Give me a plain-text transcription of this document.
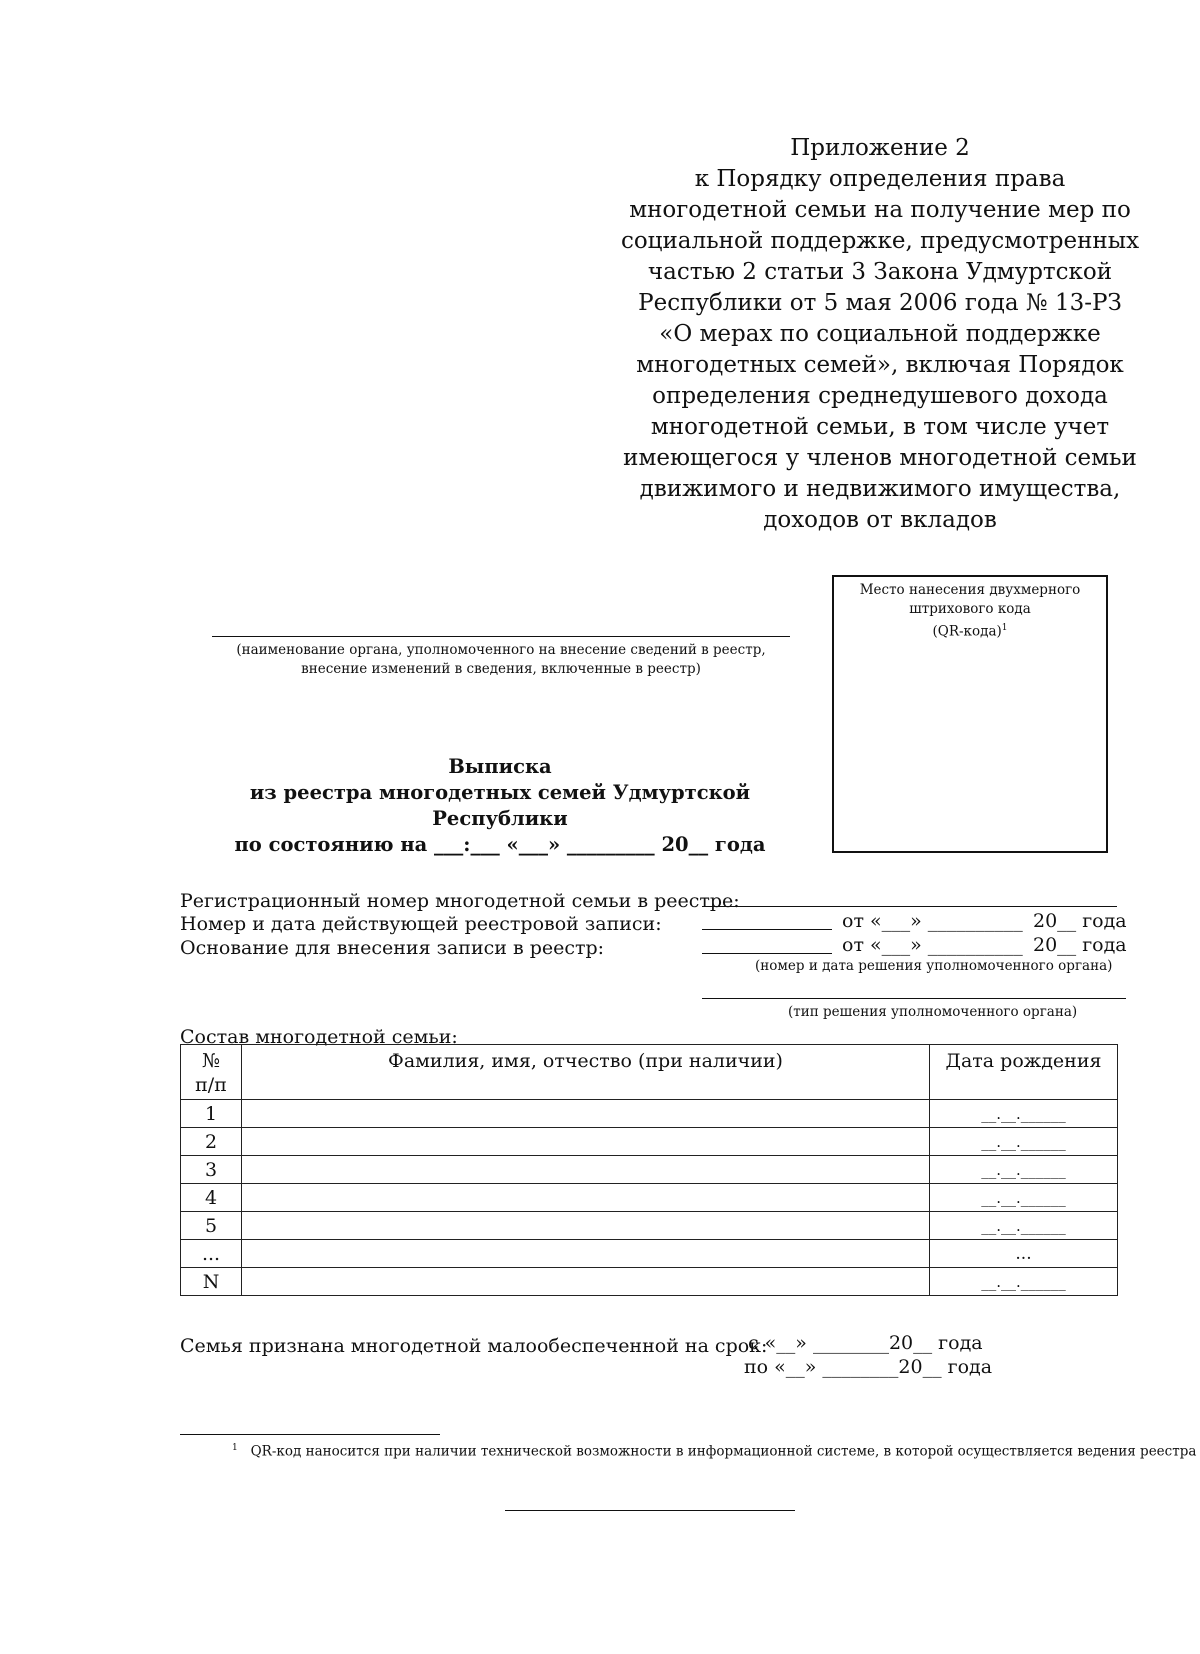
Приложение 2
к Порядку определения права
многодетной семьи на получение мер по
социальной поддержке, предусмотренных
частью 2 статьи 3 Закона Удмуртской
Республики от 5 мая 2006 года № 13-РЗ
«О мерах по социальной поддержке
многодетных семей», включая Порядок
определения среднедушевого дохода
многодетной семьи, в том числе учет
имеющегося у членов многодетной семьи
движимого и недвижимого имущества,
доходов от вкладов
Место нанесения двухмерного
штрихового кода
(QR-кода)$^1$
(наименование органа, уполномоченного на внесение сведений в реестр,
внесение изменений в сведения, включенные в реестр)
Выписка
из реестра многодетных семей Удмуртской Республики
по состоянию на ___:___ «___» _________ 20__ года
Регистрационный номер многодетной семьи в реестре:
Номер и дата действующей реестровой записи:	от «___» __________ 20__ года
Основание для внесения записи в реестр:	от «___» __________ 20__ года
(номер и дата решения уполномоченного органа)
(тип решения уполномоченного органа)
Состав многодетной семьи:
№
п/п	Фамилия, имя, отчество (при наличии)	Дата рождения
1		__.__.______
2		__.__.______
3		__.__.______
4		__.__.______
5		__.__.______
...		...
N		__.__.______
Семья признана многодетной малообеспеченной на срок:
с «__» ________20__ года
по «__» ________20__ года
$^1$ QR-код наносится при наличии технической возможности в информационной системе, в которой осуществляется ведения реестра
